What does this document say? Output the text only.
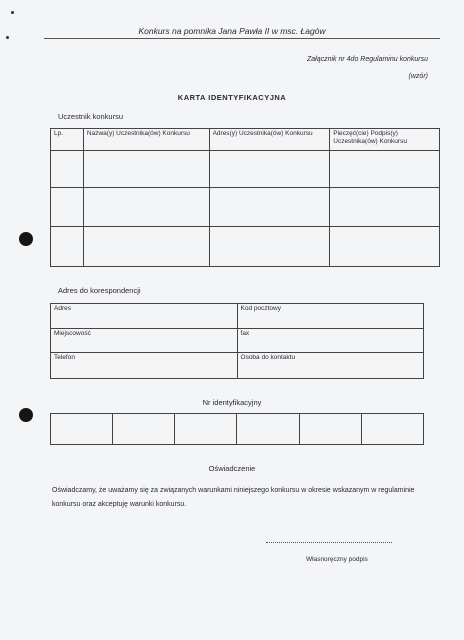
Konkurs na pomnika Jana Pawła II w msc. Łagów
Załącznik nr 4do Regulaminu konkursu
(wzór)
KARTA IDENTYFIKACYJNA
Uczestnik konkursu
Lp.	Nazwa(y) Uczestnika(ów) Konkursu	Adres(y) Uczestnika(ów) Konkursu	Pieczęć(cie) Podpis(y) Uczestnika(ów) Konkursu

Adres do korespondencji
Adres	Kod pocztowy
Miejscowość	fax
Telefon	Osoba do kontaktu
Nr identyfikacyjny

Oświadczenie
Oświadczamy, że uważamy się za związanych warunkami niniejszego konkursu w okresie wskazanym w regulaminie konkursu oraz akceptuję warunki konkursu.
Własnoręczny podpis
